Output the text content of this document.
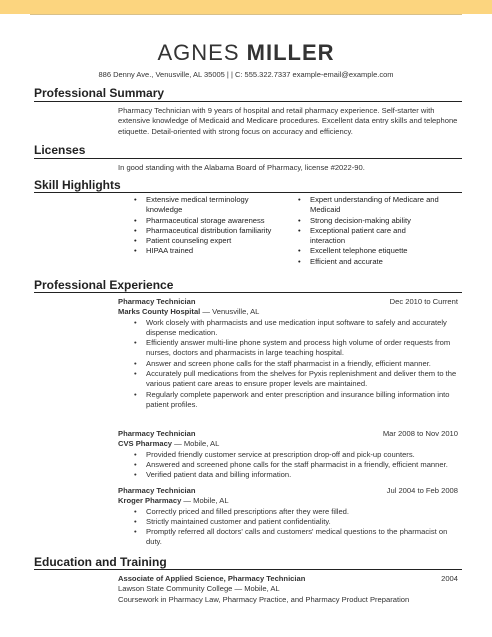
AGNES MILLER
886 Denny Ave., Venusville, AL 35005 | | C: 555.322.7337 example-email@example.com
Professional Summary
Pharmacy Technician with 9 years of hospital and retail pharmacy experience. Self-starter with extensive knowledge of Medicaid and Medicare procedures. Excellent data entry skills and telephone etiquette. Detail-oriented with strong focus on accuracy and efficiency.
Licenses
In good standing with the Alabama Board of Pharmacy, license #2022-90.
Skill Highlights
• Extensive medical terminology knowledge
• Pharmaceutical storage awareness
• Pharmaceutical distribution familiarity
• Patient counseling expert
• HIPAA trained
• Expert understanding of Medicare and Medicaid
• Strong decision-making ability
• Exceptional patient care and interaction
• Excellent telephone etiquette
• Efficient and accurate
Professional Experience
Pharmacy Technician	Dec 2010 to Current
Marks County Hospital — Venusville, AL
• Work closely with pharmacists and use medication input software to safely and accurately dispense medication.
• Efficiently answer multi-line phone system and process high volume of order requests from nurses, doctors and pharmacists in large teaching hospital.
• Answer and screen phone calls for the staff pharmacist in a friendly, efficient manner.
• Accurately pull medications from the shelves for Pyxis replenishment and deliver them to the various patient care areas to ensure proper levels are maintained.
• Regularly complete paperwork and enter prescription and insurance billing information into patient profiles.
Pharmacy Technician	Mar 2008 to Nov 2010
CVS Pharmacy — Mobile, AL
• Provided friendly customer service at prescription drop-off and pick-up counters.
• Answered and screened phone calls for the staff pharmacist in a friendly, efficient manner.
• Verified patient data and billing information.
Pharmacy Technician	Jul 2004 to Feb 2008
Kroger Pharmacy — Mobile, AL
• Correctly priced and filled prescriptions after they were filled.
• Strictly maintained customer and patient confidentiality.
• Promptly referred all doctors' calls and customers' medical questions to the pharmacist on duty.
Education and Training
Associate of Applied Science, Pharmacy Technician	2004
Lawson State Community College — Mobile, AL
Coursework in Pharmacy Law, Pharmacy Practice, and Pharmacy Product Preparation
